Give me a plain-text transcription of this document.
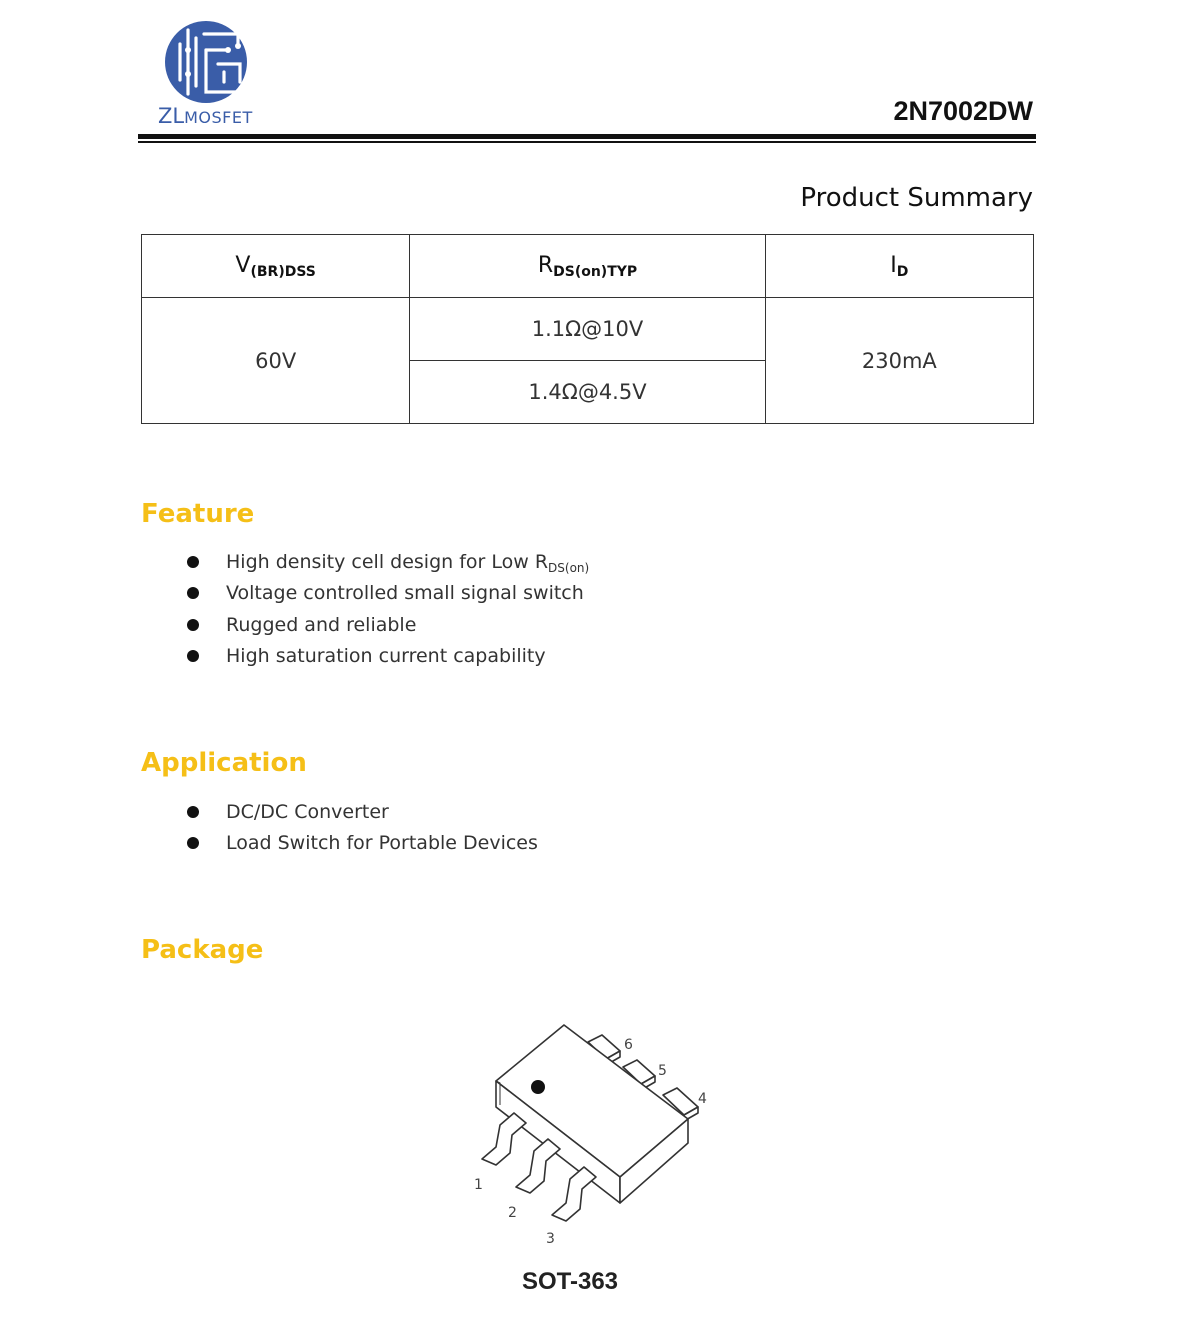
ZLMOSFET	2N7002DW
Product Summary
$V_{(BR)DSS}$	$R_{DS(on)TYP}$	$I_D$
60V	1.1Ω@10V	230mA
	1.4Ω@4.5V	
Feature
High density cell design for Low $R_{DS(on)}$
Voltage controlled small signal switch
Rugged and reliable
High saturation current capability
Application
DC/DC Converter
Load Switch for Portable Devices
Package
1
2
3
4
5
6
SOT-363
